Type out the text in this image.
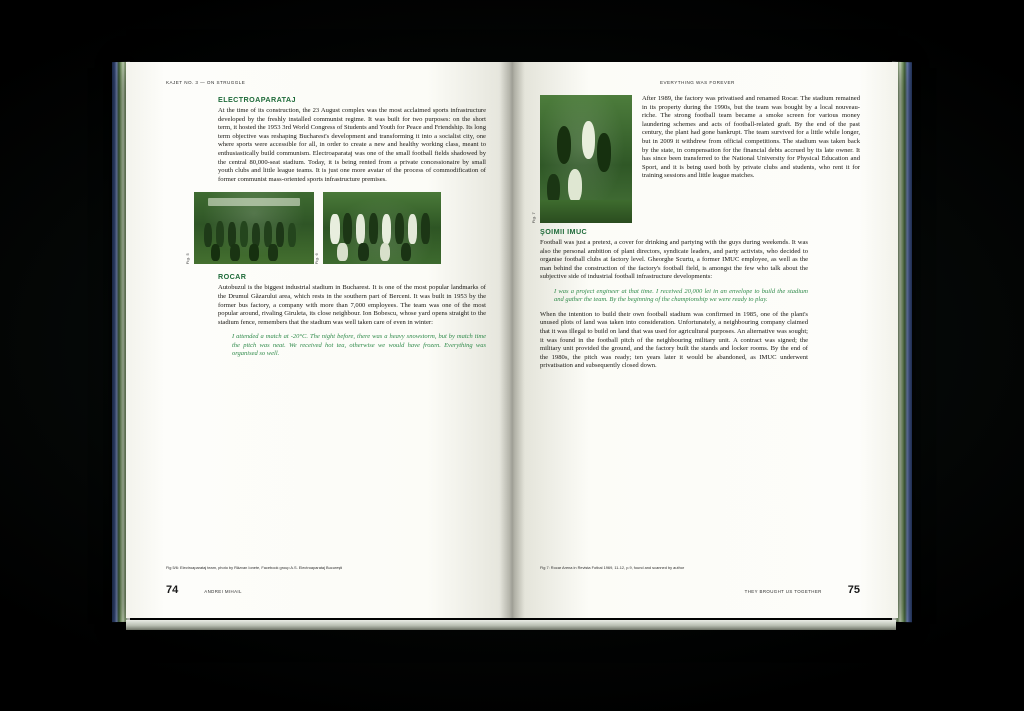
KAJET NO. 3 — ON STRUGGLE
ELECTROAPARATAJ

At the time of its construction, the 23 August complex was the most acclaimed sports infrastructure developed by the freshly installed communist regime. It was built for two purposes: on the short term, it hosted the 1953 3rd World Congress of Students and Youth for Peace and Friendship. Its long term objective was reshaping Bucharest's development and transforming it into a socialist city, one where sports were accessible for all, in order to create a new and healthy working class, meant to enthusiastically build communism. Electroaparataj was one of the small football fields shadowed by the central 80,000-seat stadium. Today, it is being rented from a private concessionaire by small youth clubs and little league teams. It is just one more avatar of the process of commodification of former communist mass-oriented sports infrastructure premises.

Fig. 5	Fig. 6
ROCAR

Autobuzul is the biggest industrial stadium in Bucharest. It is one of the most popular landmarks of the Drumul Găzarului area, which rests in the southern part of Berceni. It was built in 1953 by the former bus factory, a company with more than 7,000 employees. The team was one of the most popular around, rivaling Giruleta, its close neighbour. Ion Bobescu, whose yard opens straight to the stadium fence, remembers that the stadium was well taken care of even in winter:

I attended a match at -20°C. The night before, there was a heavy snowstorm, but by match time the pitch was neat. We received hot tea, otherwise we would have frozen. Everything was organised so well.

Fig 5/6: Electroaparataj team, photo by Răzvan Ionete, Facebook group A.S. Electroaparataj Bucureşti
74	ANDREI MIHAIL
EVERYTHING WAS FOREVER
Fig. 7

After 1989, the factory was privatised and renamed Rocar. The stadium remained in its property during the 1990s, but the team was bought by a local nouveau-riche. The strong football team became a smoke screen for various money laundering schemes and acts of football-related graft. By the end of the past century, the plant had gone bankrupt. The team survived for a little while longer, but in 2009 it withdrew from official competitions. The stadium was taken back by the state, in compensation for the financial debts accrued by its late owner. It has since been transferred to the National University for Physical Education and Sport, and it is being used both by private clubs and students, who rent it for training sessions and little league matches.

ŞOIMII IMUC

Football was just a pretext, a cover for drinking and partying with the guys during weekends. It was also the personal ambition of plant directors, syndicate leaders, and party activists, who decided to organise football clubs at factory level. Gheorghe Scurtu, a former IMUC employee, as well as the man behind the construction of the factory's football field, is amongst the few who talk about the subjective side of industrial football infrastructure developments:

I was a project engineer at that time. I received 20,000 lei in an envelope to build the stadium and gather the team. By the beginning of the championship we were ready to play.

When the intention to build their own football stadium was confirmed in 1985, one of the plant's unused plots of land was taken into consideration. Unfortunately, a neighbouring company claimed that it was illegal to build on land that was used for agricultural purposes. An alternative was sought; it was found in the football pitch of the neighbouring military unit. A contract was signed; the military unit provided the ground, and the factory built the stands and locker rooms. By the end of the 1980s, the pitch was ready; ten years later it would be abandoned, as IMUC underwent privatisation and subsequently closed down.

Fig 7: Rocar Arena in Revista Fotbal 1969, 11-12, p.9, found and scanned by author
THEY BROUGHT US TOGETHER 75
